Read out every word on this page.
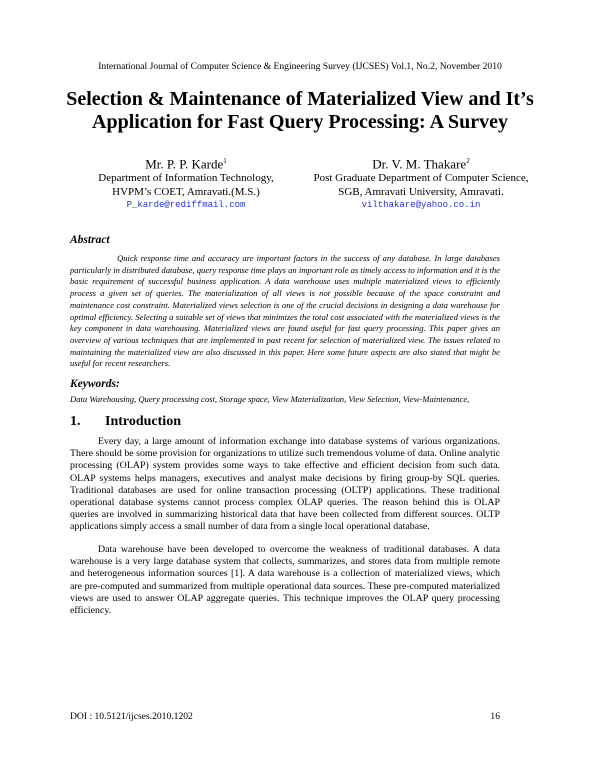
International Journal of Computer Science & Engineering Survey (IJCSES) Vol.1, No.2, November 2010
Selection & Maintenance of Materialized View and It’s Application for Fast Query Processing: A Survey
Mr. P. P. Karde$^1$
Department of Information Technology,
HVPM’s COET, Amravati.(M.S.)
P_karde@rediffmail.com
Dr. V. M. Thakare$^2$
Post Graduate Department of Computer Science,
SGB, Amravati University, Amravati.
vilthakare@yahoo.co.in
Abstract
Quick response time and accuracy are important factors in the success of any database. In large databases particularly in distributed database, query response time plays an important role as timely access to information and it is the basic requirement of successful business application. A data warehouse uses multiple materialized views to efficiently process a given set of queries. The materialization of all views is not possible because of the space constraint and maintenance cost constraint. Materialized views selection is one of the crucial decisions in designing a data warehouse for optimal efficiency. Selecting a suitable set of views that minimizes the total cost associated with the materialized views is the key component in data warehousing. Materialized views are found useful for fast query processing. This paper gives an overview of various techniques that are implemented in past recent for selection of materialized view. The issues related to maintaining the materialized view are also discussed in this paper. Here some future aspects are also stated that might be useful for recent researchers.
Keywords:
Data Warehousing, Query processing cost, Storage space, View Materialization, View Selection, View-Maintenance,
1. Introduction
Every day, a large amount of information exchange into database systems of various organizations. There should be some provision for organizations to utilize such tremendous volume of data. Online analytic processing (OLAP) system provides some ways to take effective and efficient decision from such data. OLAP systems helps managers, executives and analyst make decisions by firing group-by SQL queries. Traditional databases are used for online transaction processing (OLTP) applications. These traditional operational database systems cannot process complex OLAP queries. The reason behind this is OLAP queries are involved in summarizing historical data that have been collected from different sources. OLTP applications simply access a small number of data from a single local operational database.
Data warehouse have been developed to overcome the weakness of traditional databases. A data warehouse is a very large database system that collects, summarizes, and stores data from multiple remote and heterogeneous information sources [1]. A data warehouse is a collection of materialized views, which are pre-computed and summarized from multiple operational data sources. These pre-computed materialized views are used to answer OLAP aggregate queries. This technique improves the OLAP query processing efficiency.
DOI : 10.5121/ijcses.2010.1202	16
